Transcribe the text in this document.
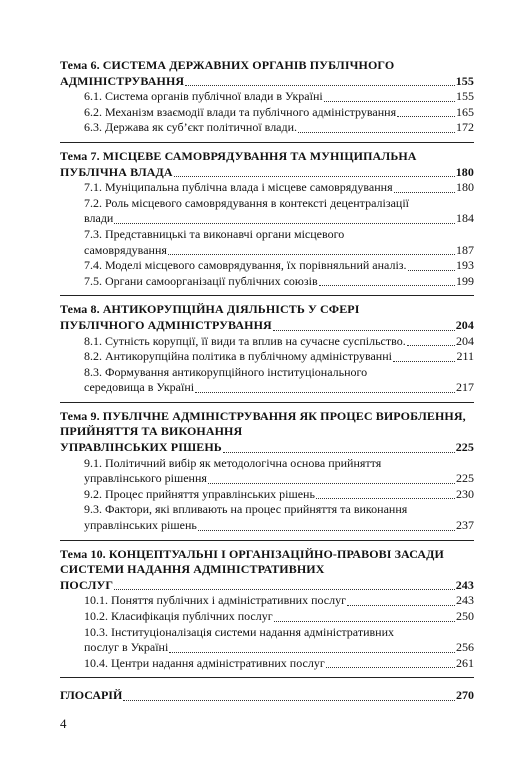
Тема 6. СИСТЕМА ДЕРЖАВНИХ ОРГАНІВ ПУБЛІЧНОГО
АДМІНІСТРУВАННЯ	155
6.1. Система органів публічної влади в Україні	155
6.2. Механізм взаємодії влади та публічного адміністрування	165
6.3. Держава як суб’єкт політичної влади.	172
Тема 7. МІСЦЕВЕ САМОВРЯДУВАННЯ ТА МУНІЦИПАЛЬНА
ПУБЛІЧНА ВЛАДА	180
7.1. Муніципальна публічна влада і місцеве самоврядування	180
7.2. Роль місцевого самоврядування в контексті децентралізації
влади	184
7.3. Представницькі та виконавчі органи місцевого
самоврядування	187
7.4. Моделі місцевого самоврядування, їх порівняльний аналіз.	193
7.5. Органи самоорганізації публічних союзів	199
Тема 8. АНТИКОРУПЦІЙНА ДІЯЛЬНІСТЬ У СФЕРІ
ПУБЛІЧНОГО АДМІНІСТРУВАННЯ	204
8.1. Сутність корупції, її види та вплив на сучасне суспільство.	204
8.2. Антикорупційна політика в публічному адмініструванні	211
8.3. Формування антикорупційного інституціонального
середовища в Україні	217
Тема 9. ПУБЛІЧНЕ АДМІНІСТРУВАННЯ ЯК ПРОЦЕС ВИРОБЛЕННЯ, ПРИЙНЯТТЯ ТА ВИКОНАННЯ
УПРАВЛІНСЬКИХ РІШЕНЬ	225
9.1. Політичний вибір як методологічна основа прийняття
управлінського рішення	225
9.2. Процес прийняття управлінських рішень	230
9.3. Фактори, які впливають на процес прийняття та виконання
управлінських рішень	237
Тема 10. КОНЦЕПТУАЛЬНІ І ОРГАНІЗАЦІЙНО-ПРАВОВІ ЗАСАДИ СИСТЕМИ НАДАННЯ АДМІНІСТРАТИВНИХ
ПОСЛУГ	243
10.1. Поняття публічних і адміністративних послуг	243
10.2. Класифікація публічних послуг	250
10.3. Інституціоналізація системи надання адміністративних
послуг в Україні	256
10.4. Центри надання адміністративних послуг	261
ГЛОСАРІЙ	270
4
